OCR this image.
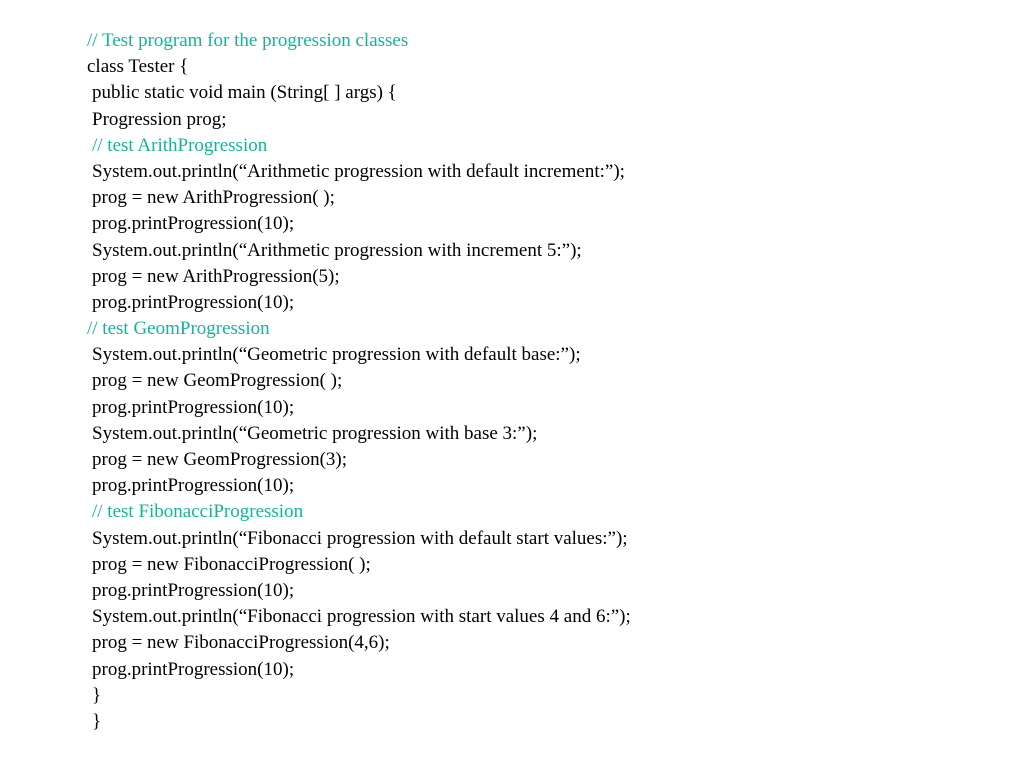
// Test program for the progression classes
class Tester {
public static void main (String[ ] args) {
Progression prog;
// test ArithProgression
System.out.println(“Arithmetic progression with default increment:”);
prog = new ArithProgression( );
prog.printProgression(10);
System.out.println(“Arithmetic progression with increment 5:”);
prog = new ArithProgression(5);
prog.printProgression(10);
// test GeomProgression
System.out.println(“Geometric progression with default base:”);
prog = new GeomProgression( );
prog.printProgression(10);
System.out.println(“Geometric progression with base 3:”);
prog = new GeomProgression(3);
prog.printProgression(10);
// test FibonacciProgression
System.out.println(“Fibonacci progression with default start values:”);
prog = new FibonacciProgression( );
prog.printProgression(10);
System.out.println(“Fibonacci progression with start values 4 and 6:”);
prog = new FibonacciProgression(4,6);
prog.printProgression(10);
}
}
